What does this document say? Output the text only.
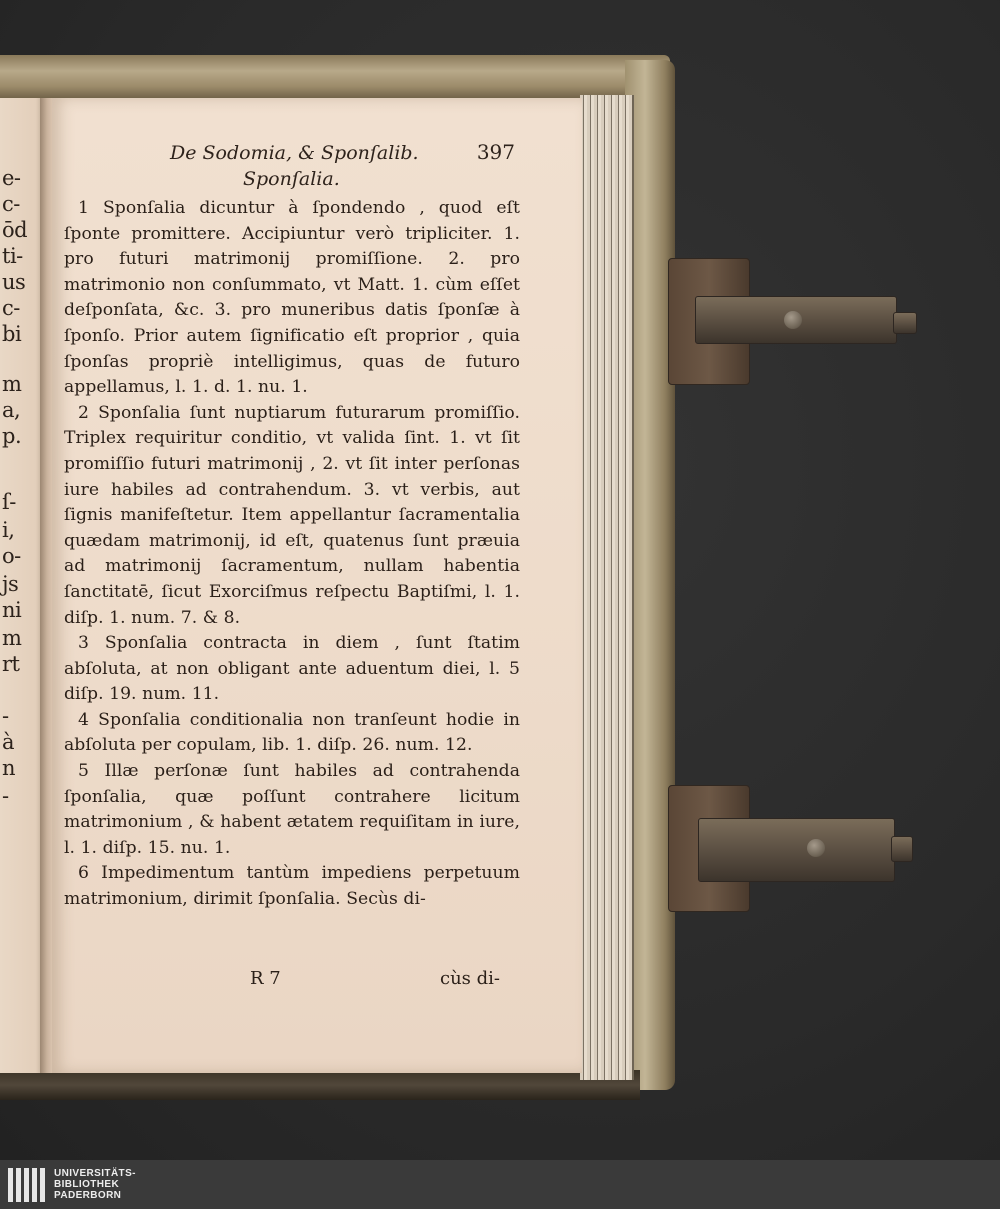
e-
c-
ōd
ti-
us
c-
bi
m
a,
p.
ſ-
i,
o-
js
ni
m
rt
-
à
n
-
De Sodomia, & Sponſalib.	397
Sponſalia.

1 Sponſalia dicuntur à ſpondendo , quod eſt ſponte promittere. Accipiuntur verò tripliciter. 1. pro futuri matrimonij promiſſione. 2. pro matrimonio non conſummato, vt Matt. 1. cùm eſſet deſponſata, &c. 3. pro muneribus datis ſponſæ à ſponſo. Prior autem ſignificatio eſt proprior , quia ſponſas propriè intelligimus, quas de futuro appellamus, l. 1. d. 1. nu. 1.

2 Sponſalia ſunt nuptiarum futurarum promiſſio. Triplex requiritur conditio, vt valida ſint. 1. vt ſit promiſſio futuri matrimonij , 2. vt ſit inter perſonas iure habiles ad contrahendum. 3. vt verbis, aut ſignis manifeſtetur. Item appellantur ſacramentalia quædam matrimonij, id eſt, quatenus ſunt præuia ad matrimonij ſacramentum, nullam habentia ſanctitatē, ſicut Exorciſmus reſpectu Baptiſmi, l. 1. diſp. 1. num. 7. & 8.

3 Sponſalia contracta in diem , ſunt ſtatim abſoluta, at non obligant ante aduentum diei, l. 5 diſp. 19. num. 11.

4 Sponſalia conditionalia non tranſeunt hodie in abſoluta per copulam, lib. 1. diſp. 26. num. 12.

5 Illæ perſonæ ſunt habiles ad contrahenda ſponſalia, quæ poſſunt contrahere licitum matrimonium , & habent ætatem requiſitam in iure, l. 1. diſp. 15. nu. 1.

6 Impedimentum tantùm impediens perpetuum matrimonium, dirimit ſponſalia. Secùs di-

R 7	cùs di-
UNIVERSITÄTS-
BIBLIOTHEK
PADERBORN
